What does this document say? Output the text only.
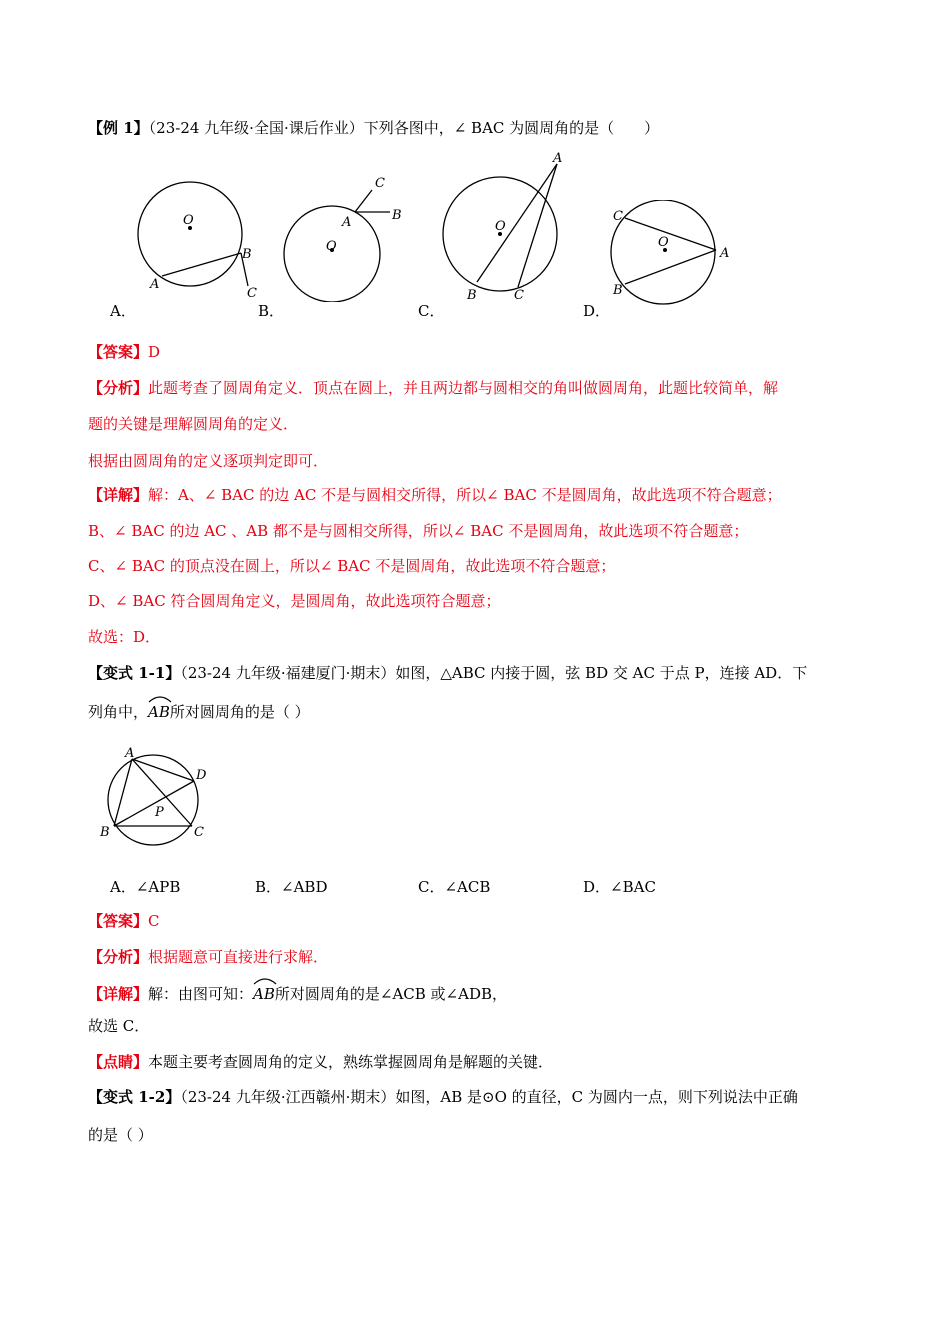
【例 1】（23-24 九年级·全国·课后作业）下列各图中，∠ BAC 为圆周角的是（　　）
O
A
B
C
A．
O
A
C
B
B．
O
A
B	C
C．
O
C
B
A
D．
【答案】D
【分析】此题考查了圆周角定义．顶点在圆上，并且两边都与圆相交的角叫做圆周角，此题比较简单，解
题的关键是理解圆周角的定义．
根据由圆周角的定义逐项判定即可．
【详解】解：A、∠ BAC 的边 AC 不是与圆相交所得，所以∠ BAC 不是圆周角，故此选项不符合题意；
B、∠ BAC 的边 AC 、AB 都不是与圆相交所得，所以∠ BAC 不是圆周角，故此选项不符合题意；
C、∠ BAC 的顶点没在圆上，所以∠ BAC 不是圆周角，故此选项不符合题意；
D、∠ BAC 符合圆周角定义，是圆周角，故此选项符合题意；
故选：D．
【变式 1-1】（23-24 九年级·福建厦门·期末）如图，△ABC 内接于圆，弦 BD 交 AC 于点 P，连接 AD．下
列角中，
AB所对圆周角的是（ ）
A
D
B	C
P
A．∠APB	B．∠ABD	C．∠ACB	D．∠BAC
【答案】C
【分析】根据题意可直接进行求解．
【详解】解：由图可知：
AB所对圆周角的是∠ACB 或∠ADB，
故选 C．
【点睛】本题主要考查圆周角的定义，熟练掌握圆周角是解题的关键．
【变式 1-2】（23-24 九年级·江西赣州·期末）如图，AB 是⊙O 的直径，C 为圆内一点，则下列说法中正确
的是（ ）
